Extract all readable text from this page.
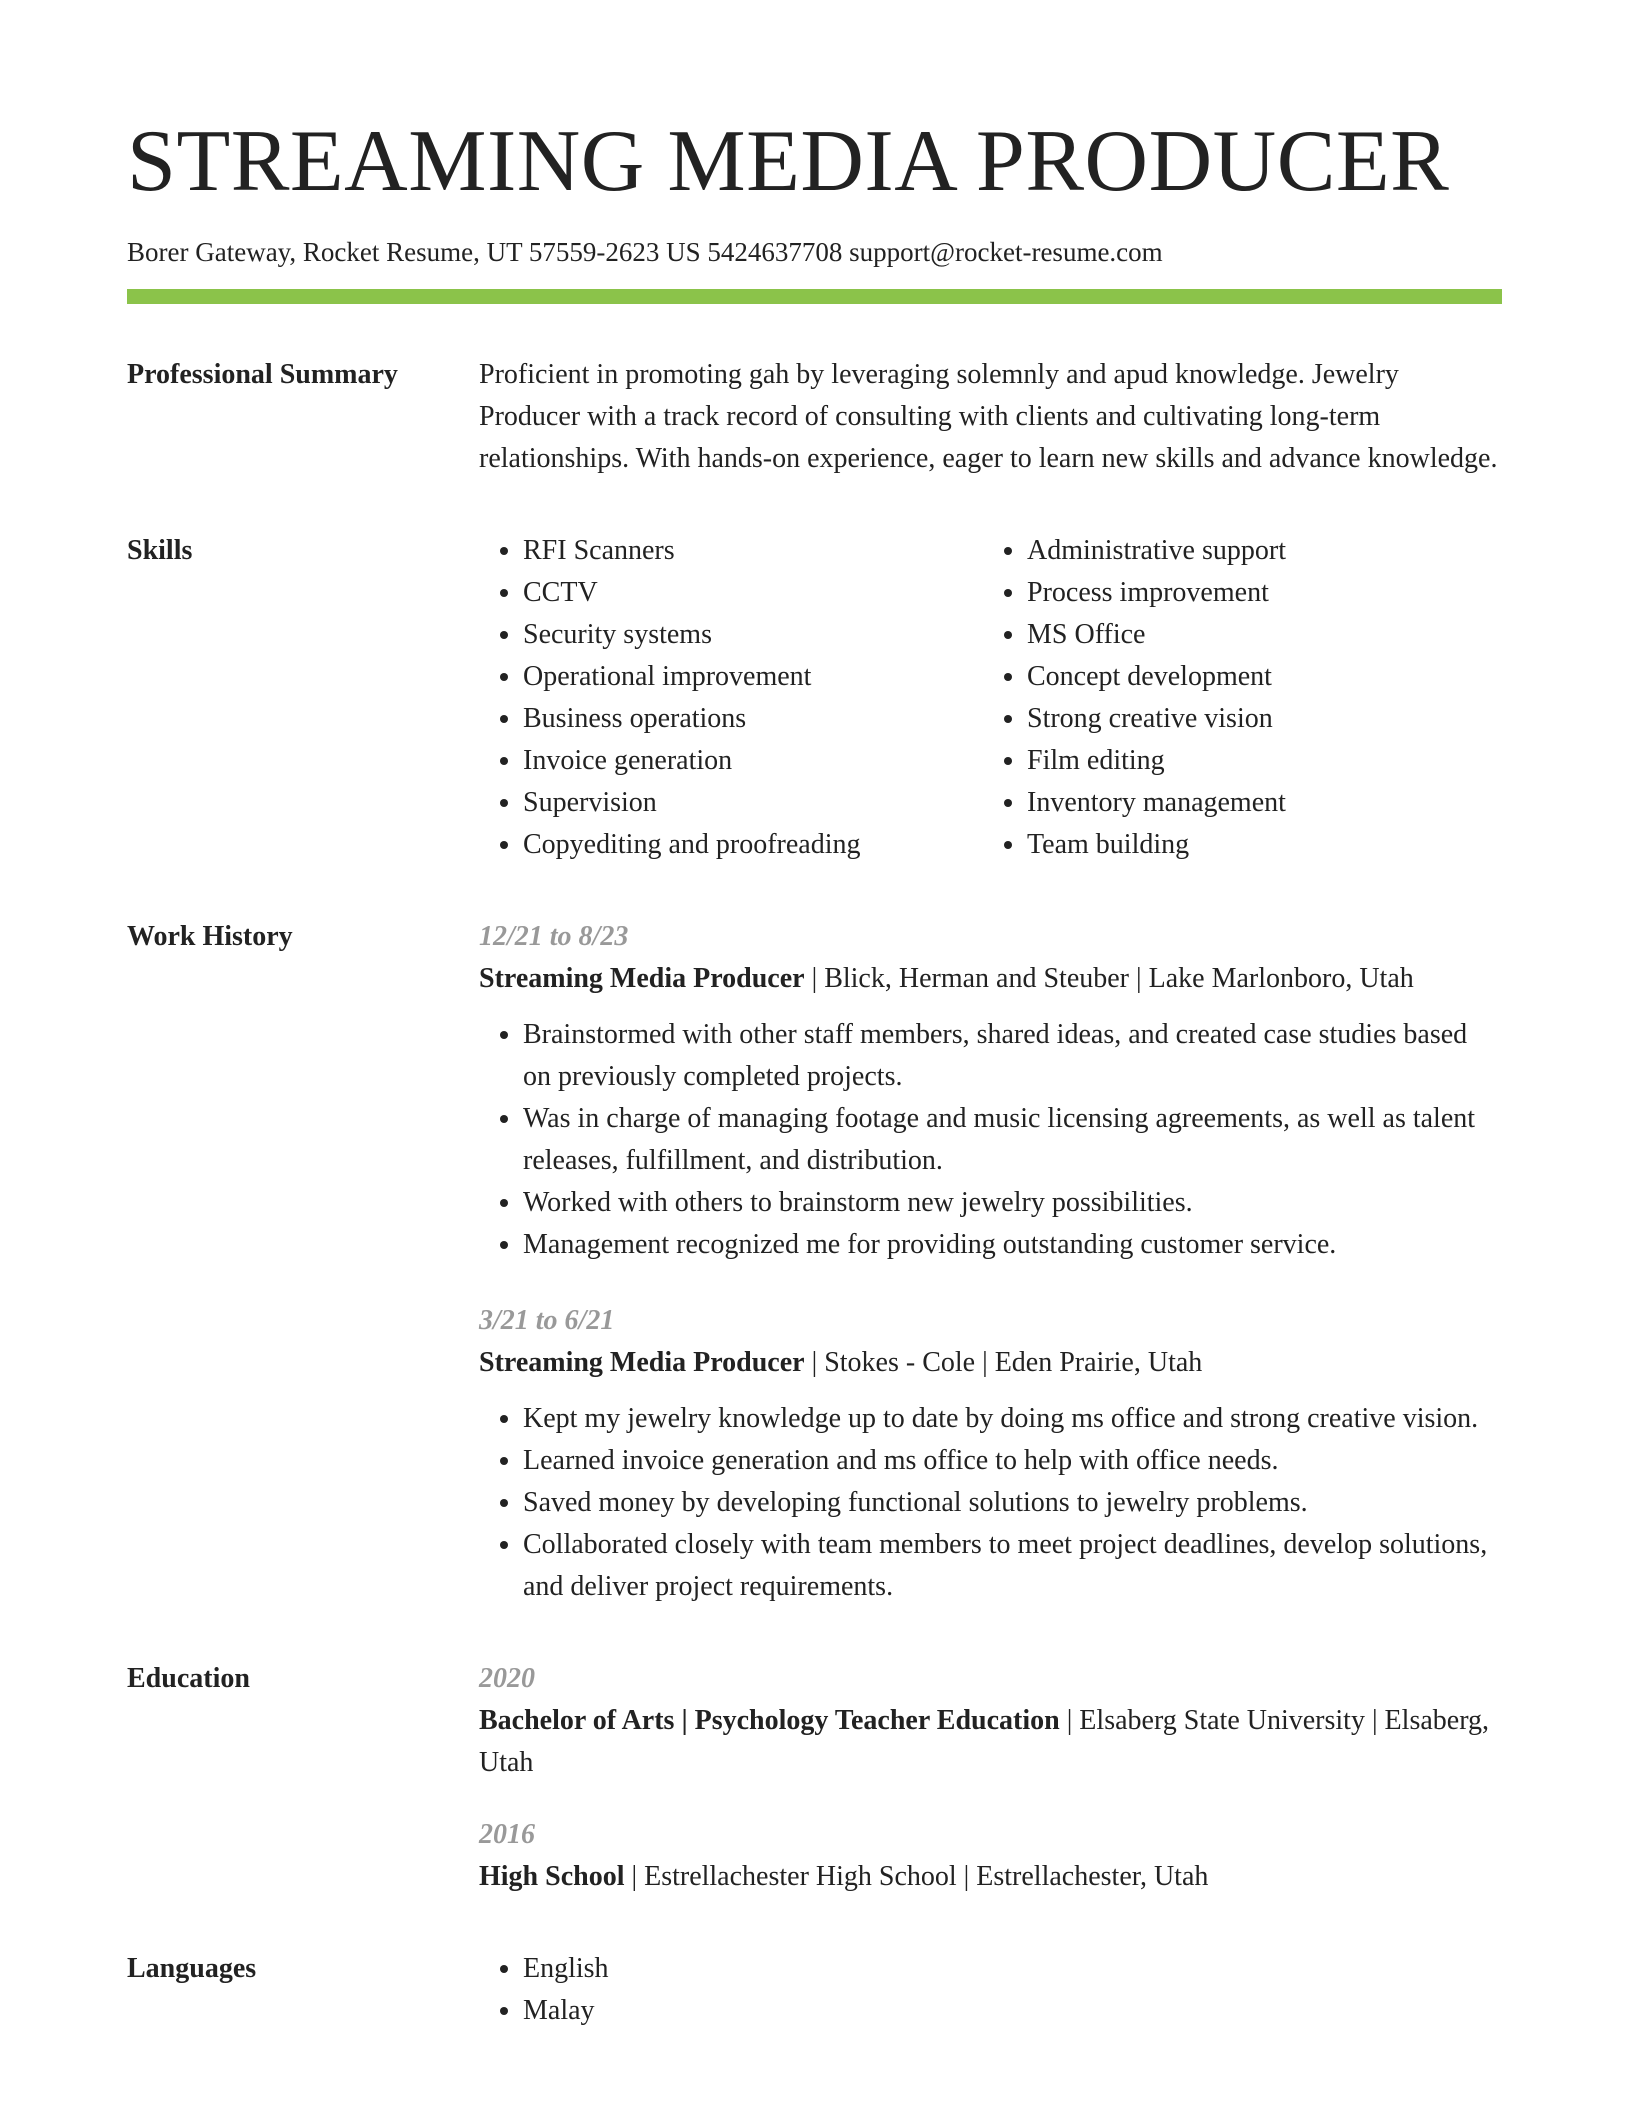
STREAMING MEDIA PRODUCER
Borer Gateway, Rocket Resume, UT 57559-2623 US 5424637708 support@rocket-resume.com
Professional Summary	Proficient in promoting gah by leveraging solemnly and apud knowledge. Jewelry Producer with a track record of consulting with clients and cultivating long-term relationships. With hands-on experience, eager to learn new skills and advance knowledge.

Skills	• RFI Scanners
• CCTV
• Security systems
• Operational improvement
• Business operations
• Invoice generation
• Supervision
• Copyediting and proofreading
• Administrative support
• Process improvement
• MS Office
• Concept development
• Strong creative vision
• Film editing
• Inventory management
• Team building
Work History	12/21 to 8/23
Streaming Media Producer | Blick, Herman and Steuber | Lake Marlonboro, Utah
• Brainstormed with other staff members, shared ideas, and created case studies based on previously completed projects.
• Was in charge of managing footage and music licensing agreements, as well as talent releases, fulfillment, and distribution.
• Worked with others to brainstorm new jewelry possibilities.
• Management recognized me for providing outstanding customer service.
3/21 to 6/21
Streaming Media Producer | Stokes - Cole | Eden Prairie, Utah
• Kept my jewelry knowledge up to date by doing ms office and strong creative vision.
• Learned invoice generation and ms office to help with office needs.
• Saved money by developing functional solutions to jewelry problems.
• Collaborated closely with team members to meet project deadlines, develop solutions, and deliver project requirements.
Education	2020
Bachelor of Arts | Psychology Teacher Education | Elsaberg State University | Elsaberg, Utah
2016
High School | Estrellachester High School | Estrellachester, Utah
Languages	• English
• Malay
